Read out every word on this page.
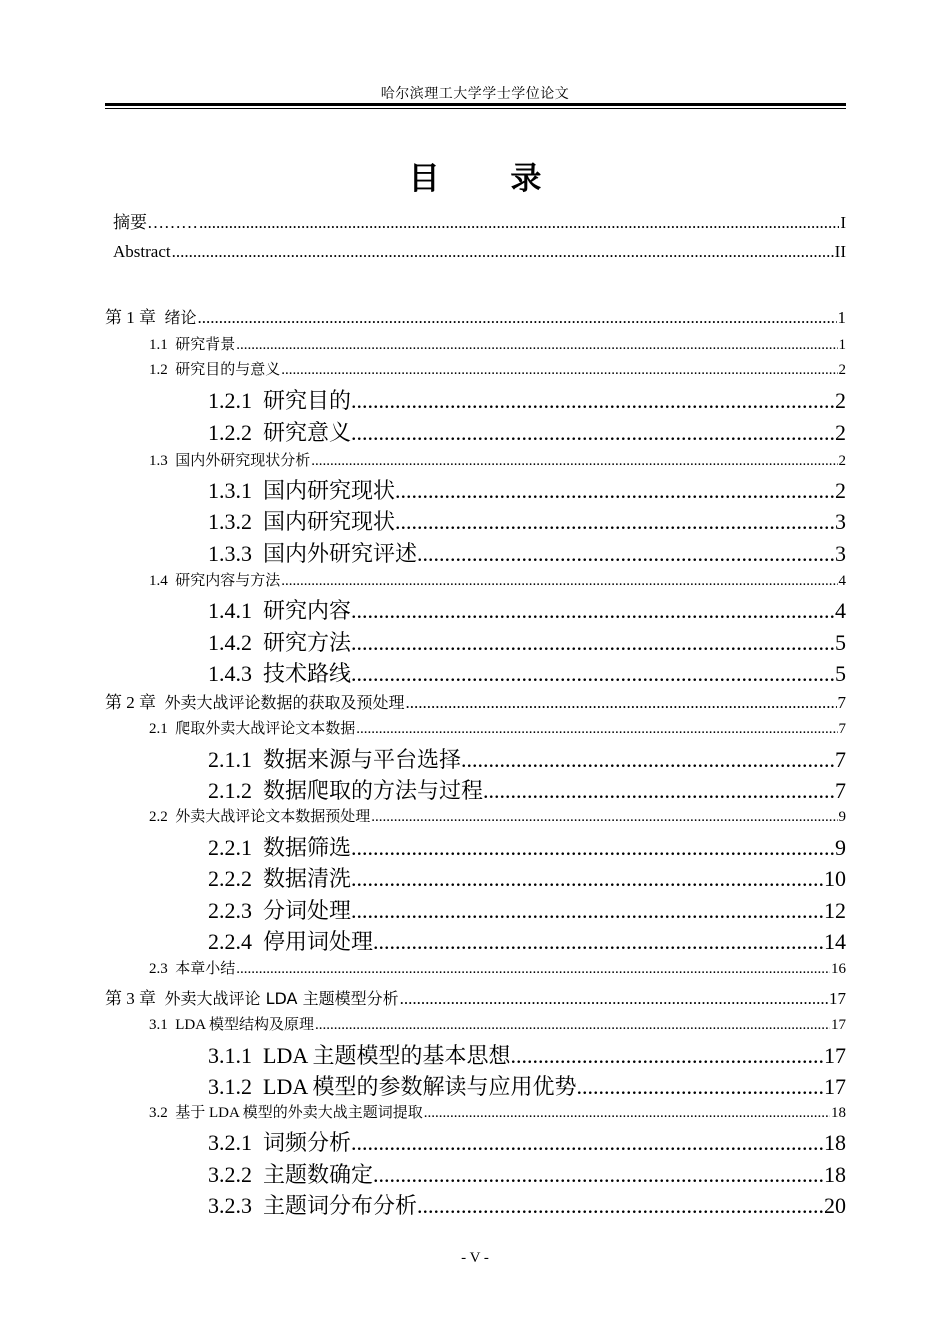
哈尔滨理工大学学士学位论文
目 录
摘要……… .....	I
Abstract .....	II
第 1 章 绪论 .....	1
1.1 研究背景 .....	1
1.2 研究目的与意义 .....	2
1.2.1 研究目的 .....	2
1.2.2 研究意义 .....	2
1.3 国内外研究现状分析 .....	2
1.3.1 国内研究现状 .....	2
1.3.2 国内研究现状 .....	3
1.3.3 国内外研究评述 .....	3
1.4 研究内容与方法 .....	4
1.4.1 研究内容 .....	4
1.4.2 研究方法 .....	5
1.4.3 技术路线 .....	5
第 2 章 外卖大战评论数据的获取及预处理 .....	7
2.1 爬取外卖大战评论文本数据 .....	7
2.1.1 数据来源与平台选择 .....	7
2.1.2 数据爬取的方法与过程 .....	7
2.2 外卖大战评论文本数据预处理 .....	9
2.2.1 数据筛选 .....	9
2.2.2 数据清洗 .....	10
2.2.3 分词处理 .....	12
2.2.4 停用词处理 .....	14
2.3 本章小结 .....	16
第 3 章 外卖大战评论 LDA 主题模型分析 .....	17
3.1 LDA 模型结构及原理 .....	17
3.1.1 LDA 主题模型的基本思想 .....	17
3.1.2 LDA 模型的参数解读与应用优势 .....	17
3.2 基于 LDA 模型的外卖大战主题词提取 .....	18
3.2.1 词频分析 .....	18
3.2.2 主题数确定 .....	18
3.2.3 主题词分布分析 .....	20
- V -
